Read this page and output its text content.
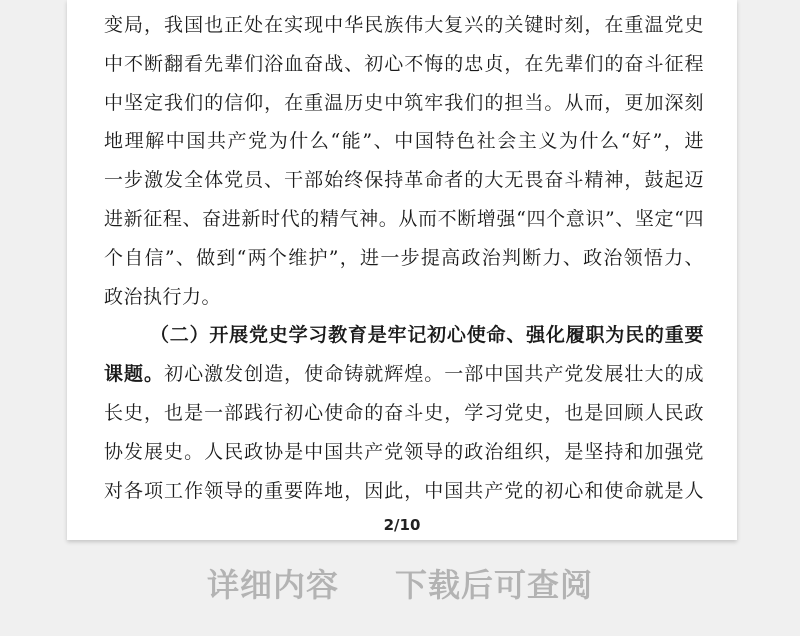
变局，我国也正处在实现中华民族伟大复兴的关键时刻，在重温党史
中不断翻看先辈们浴血奋战、初心不悔的忠贞，在先辈们的奋斗征程
中坚定我们的信仰，在重温历史中筑牢我们的担当。从而，更加深刻
地理解中国共产党为什么“能”、中国特色社会主义为什么“好”，进
一步激发全体党员、干部始终保持革命者的大无畏奋斗精神，鼓起迈
进新征程、奋进新时代的精气神。从而不断增强“四个意识”、坚定“四
个自信”、做到“两个维护”，进一步提高政治判断力、政治领悟力、
政治执行力。
（二）开展党史学习教育是牢记初心使命、强化履职为民的重要
课题。初心激发创造，使命铸就辉煌。一部中国共产党发展壮大的成
长史，也是一部践行初心使命的奋斗史，学习党史，也是回顾人民政
协发展史。人民政协是中国共产党领导的政治组织，是坚持和加强党
对各项工作领导的重要阵地，因此，中国共产党的初心和使命就是人
2/10
详细内容 下载后可查阅
